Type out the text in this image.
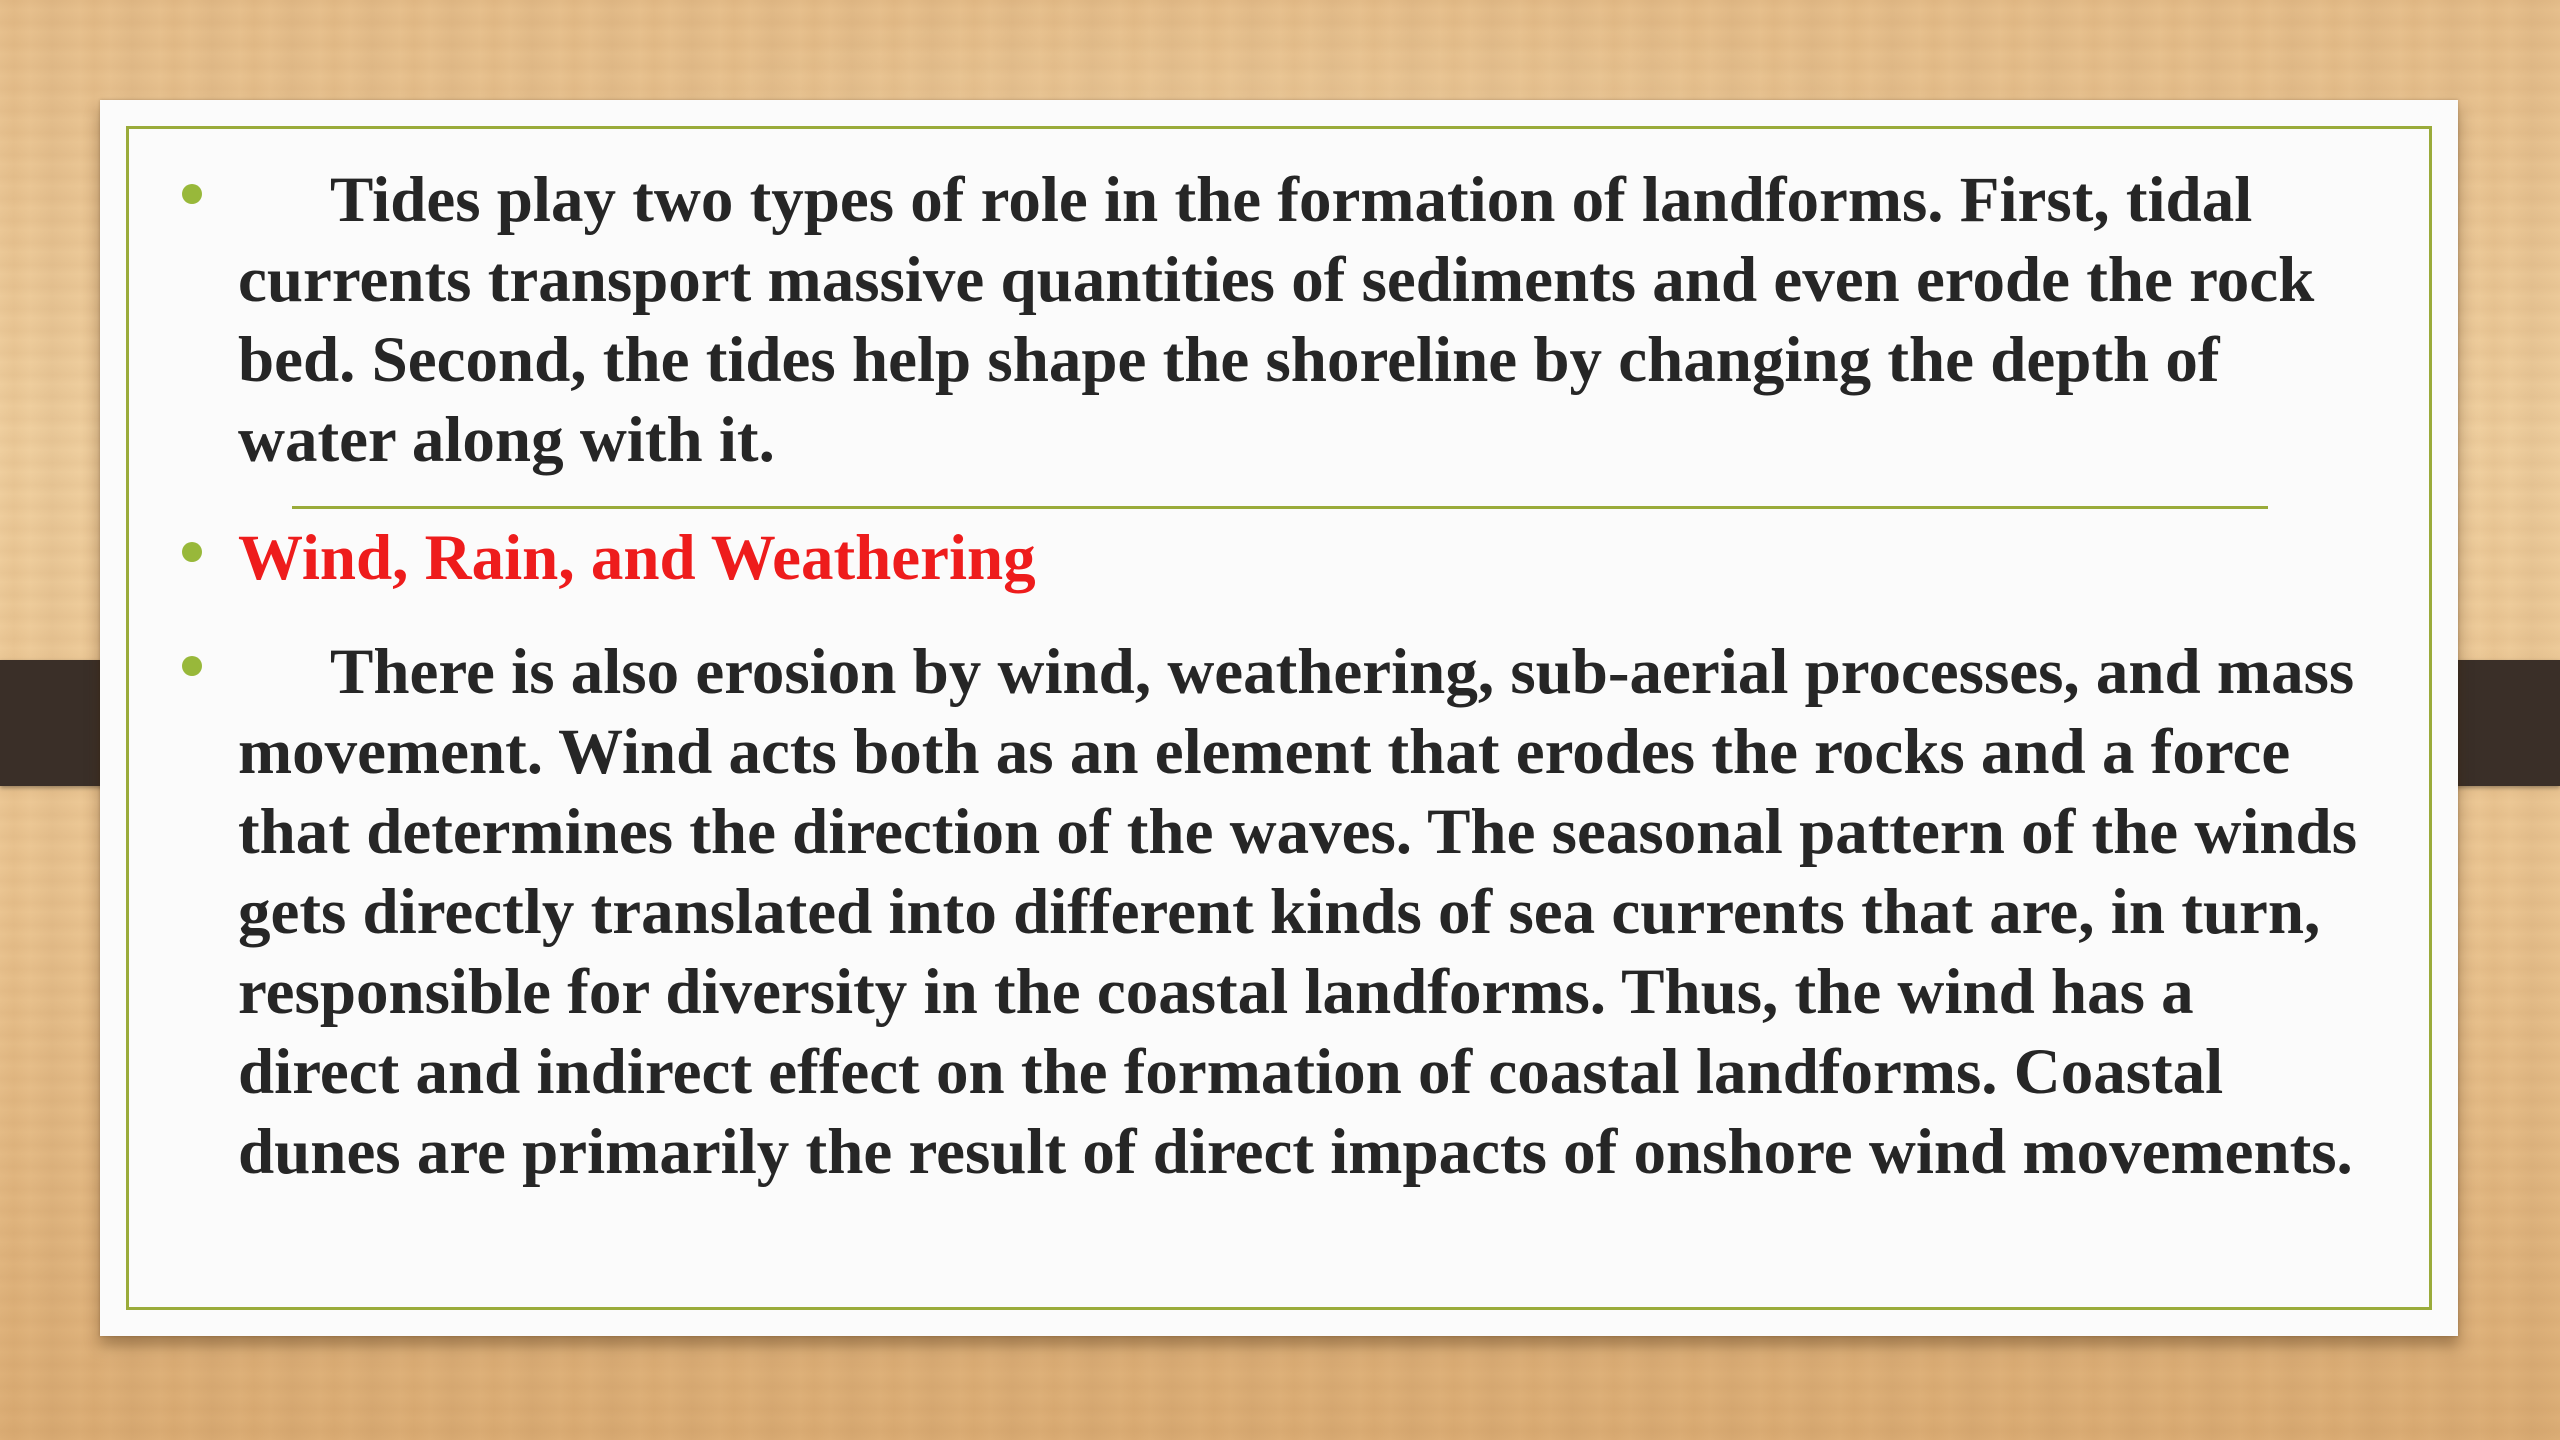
Tides play two types of role in the formation of landforms. First, tidal currents transport massive quantities of sediments and even erode the rock bed. Second, the tides help shape the shoreline by changing the depth of water along with it.

Wind, Rain, and Weathering

There is also erosion by wind, weathering, sub-aerial processes, and mass movement. Wind acts both as an element that erodes the rocks and a force that determines the direction of the waves. The seasonal pattern of the winds gets directly translated into different kinds of sea currents that are, in turn, responsible for diversity in the coastal landforms. Thus, the wind has a direct and indirect effect on the formation of coastal landforms. Coastal dunes are primarily the result of direct impacts of onshore wind movements.
